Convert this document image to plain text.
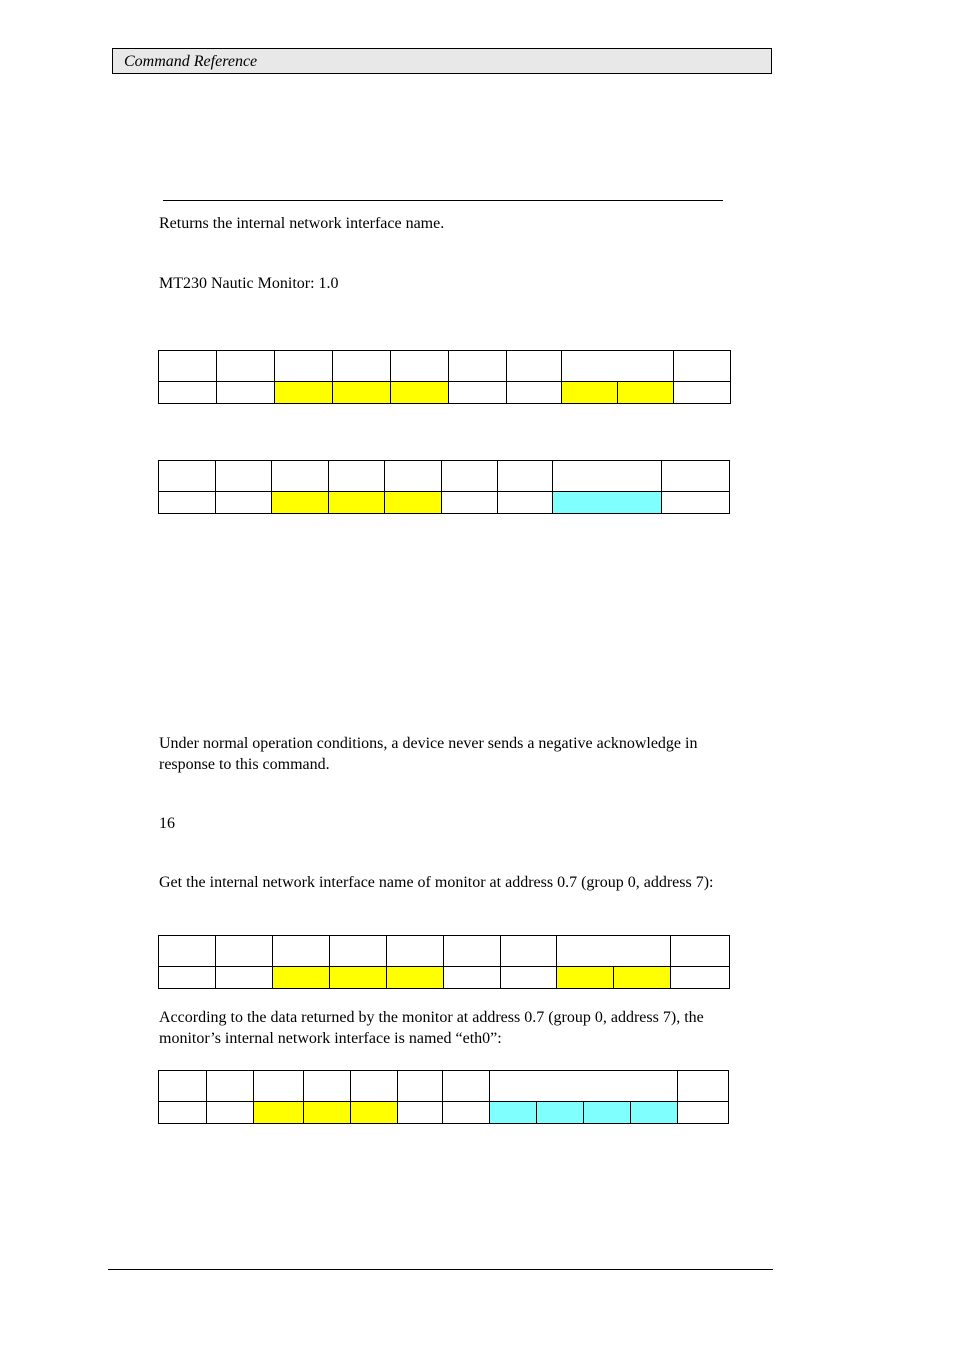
Command Reference
Returns the internal network interface name.
MT230 Nautic Monitor: 1.0

Under normal operation conditions, a device never sends a negative acknowledge in response to this command.
16
Get the internal network interface name of monitor at address 0.7 (group 0, address 7):

According to the data returned by the monitor at address 0.7 (group 0, address 7), the monitor’s internal network interface is named “eth0”:
